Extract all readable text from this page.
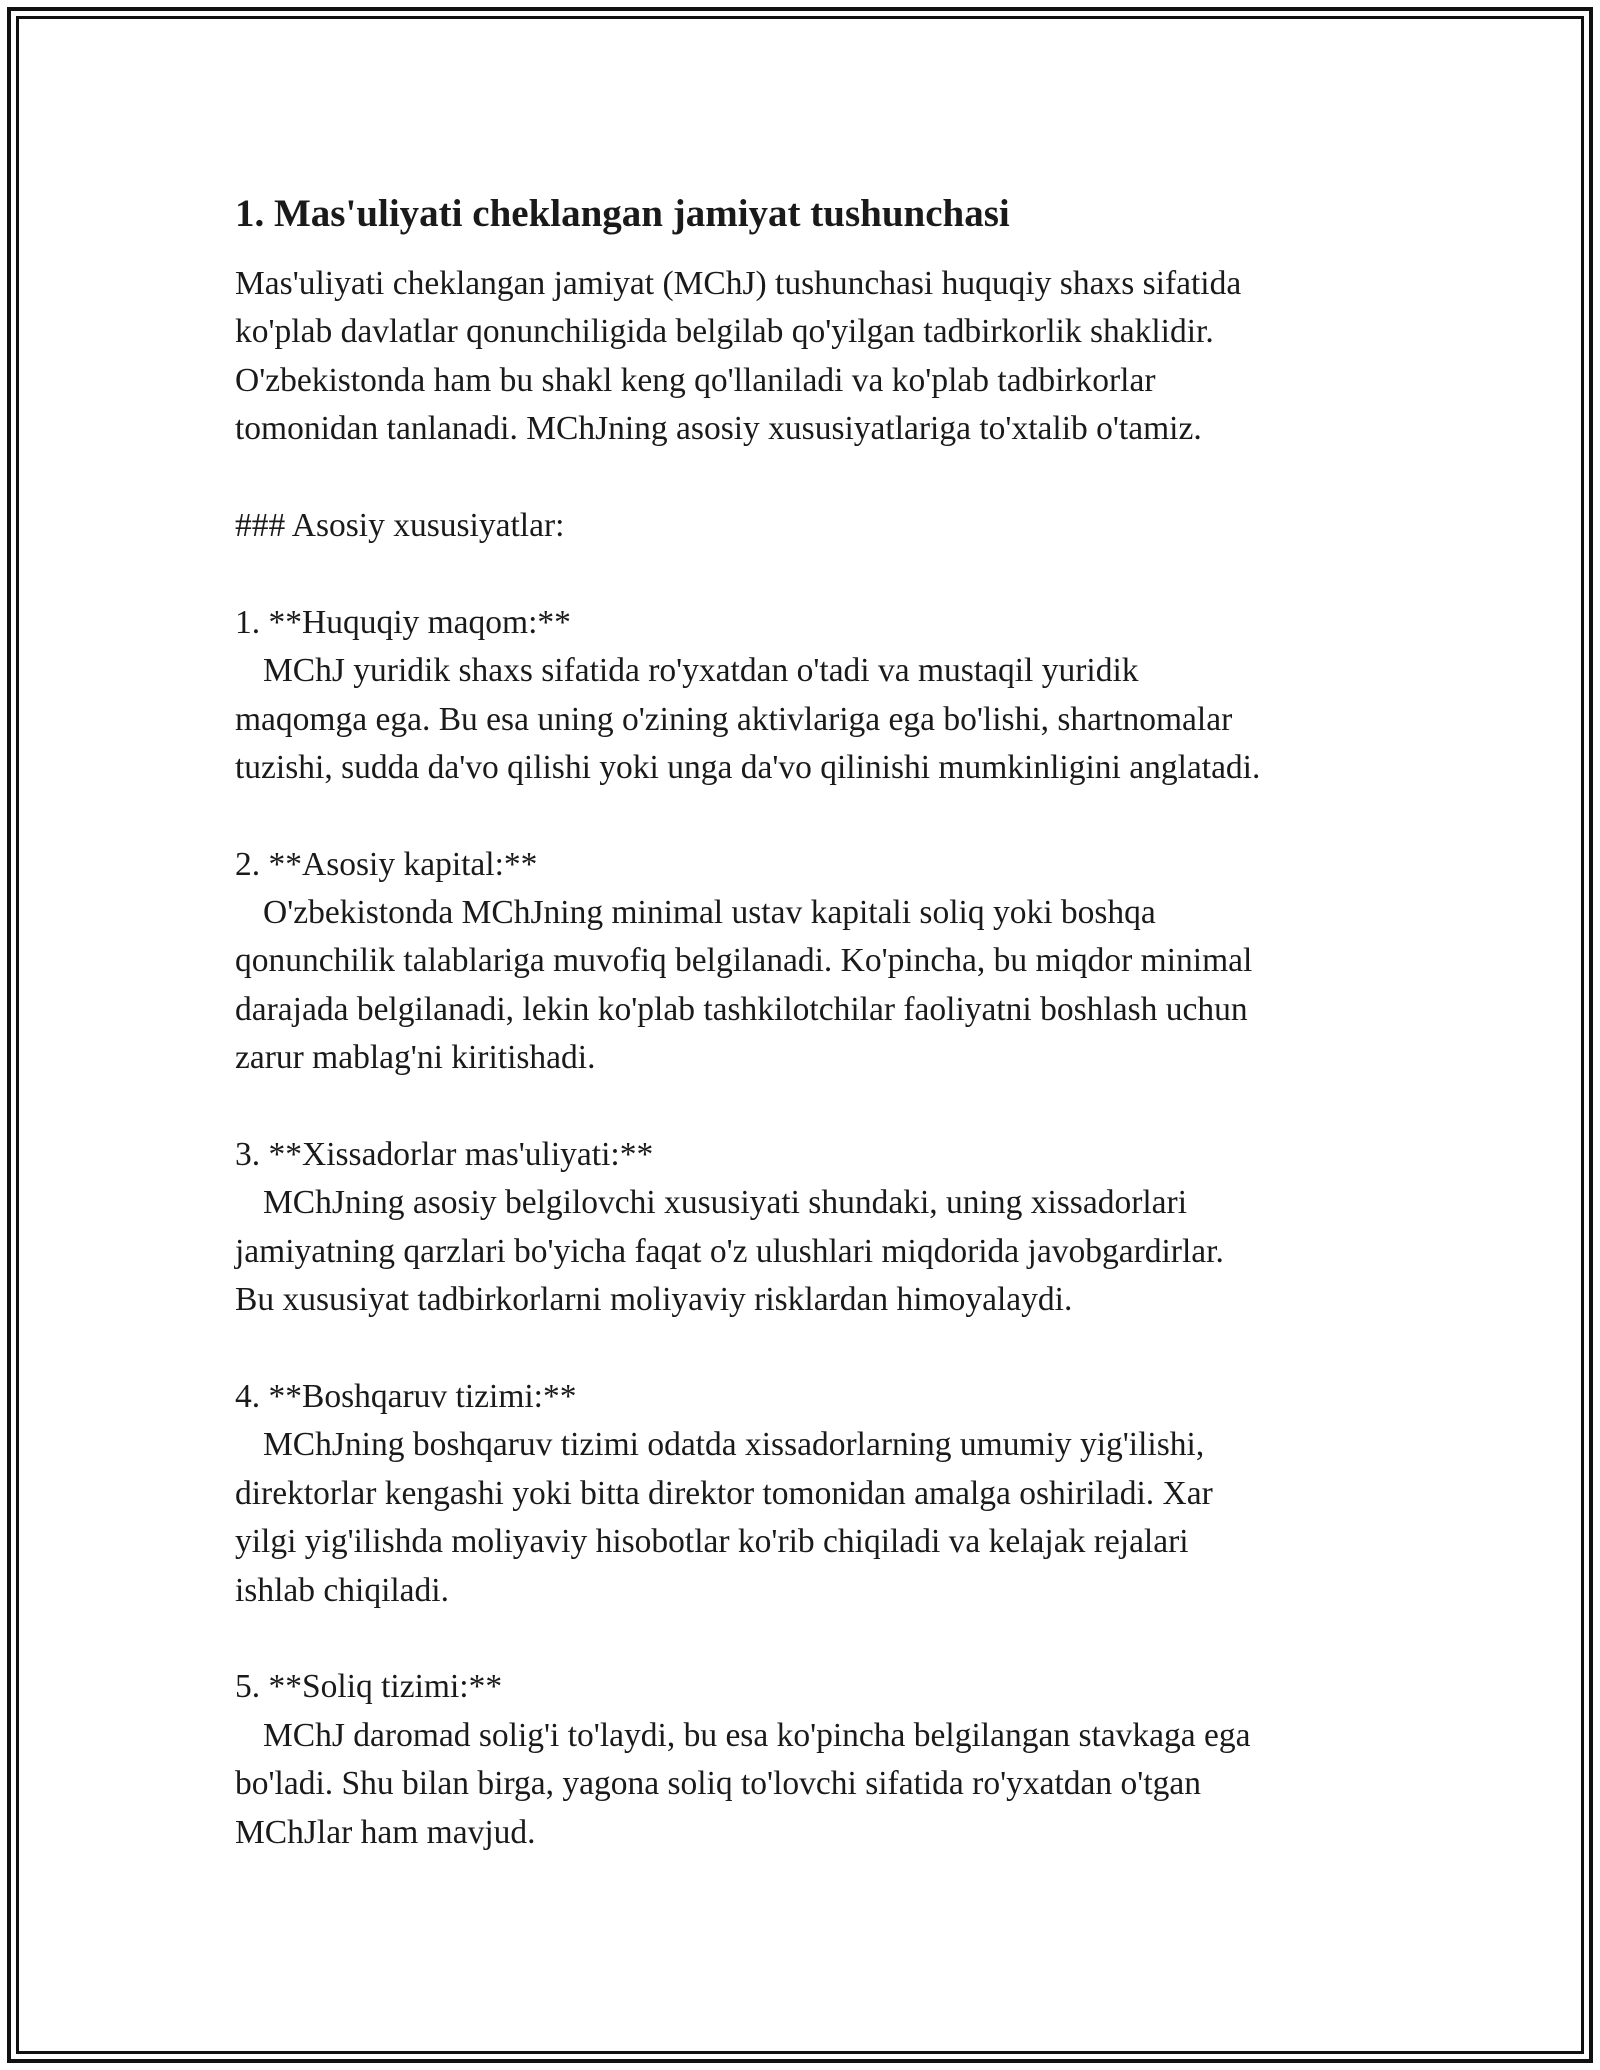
1. Mas'uliyati cheklangan jamiyat tushunchasi
Mas'uliyati cheklangan jamiyat (MChJ) tushunchasi huquqiy shaxs sifatida
ko'plab davlatlar qonunchiligida belgilab qo'yilgan tadbirkorlik shaklidir.
O'zbekistonda ham bu shakl keng qo'llaniladi va ko'plab tadbirkorlar
tomonidan tanlanadi. MChJning asosiy xususiyatlariga to'xtalib o'tamiz.
### Asosiy xususiyatlar:
1. **Huquqiy maqom:**
MChJ yuridik shaxs sifatida ro'yxatdan o'tadi va mustaqil yuridik
maqomga ega. Bu esa uning o'zining aktivlariga ega bo'lishi, shartnomalar
tuzishi, sudda da'vo qilishi yoki unga da'vo qilinishi mumkinligini anglatadi.
2. **Asosiy kapital:**
O'zbekistonda MChJning minimal ustav kapitali soliq yoki boshqa
qonunchilik talablariga muvofiq belgilanadi. Ko'pincha, bu miqdor minimal
darajada belgilanadi, lekin ko'plab tashkilotchilar faoliyatni boshlash uchun
zarur mablag'ni kiritishadi.
3. **Xissadorlar mas'uliyati:**
MChJning asosiy belgilovchi xususiyati shundaki, uning xissadorlari
jamiyatning qarzlari bo'yicha faqat o'z ulushlari miqdorida javobgardirlar.
Bu xususiyat tadbirkorlarni moliyaviy risklardan himoyalaydi.
4. **Boshqaruv tizimi:**
MChJning boshqaruv tizimi odatda xissadorlarning umumiy yig'ilishi,
direktorlar kengashi yoki bitta direktor tomonidan amalga oshiriladi. Xar
yilgi yig'ilishda moliyaviy hisobotlar ko'rib chiqiladi va kelajak rejalari
ishlab chiqiladi.
5. **Soliq tizimi:**
MChJ daromad solig'i to'laydi, bu esa ko'pincha belgilangan stavkaga ega
bo'ladi. Shu bilan birga, yagona soliq to'lovchi sifatida ro'yxatdan o'tgan
MChJlar ham mavjud.
